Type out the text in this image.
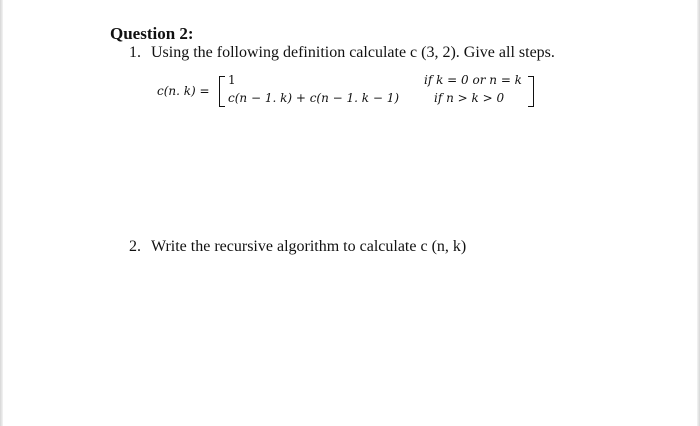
Question 2:
1. Using the following definition calculate c (3, 2). Give all steps.
c(n. k) =
1
c(n − 1. k) + c(n − 1. k − 1)
if k = 0 or n = k
if n > k > 0
2. Write the recursive algorithm to calculate c (n, k)
